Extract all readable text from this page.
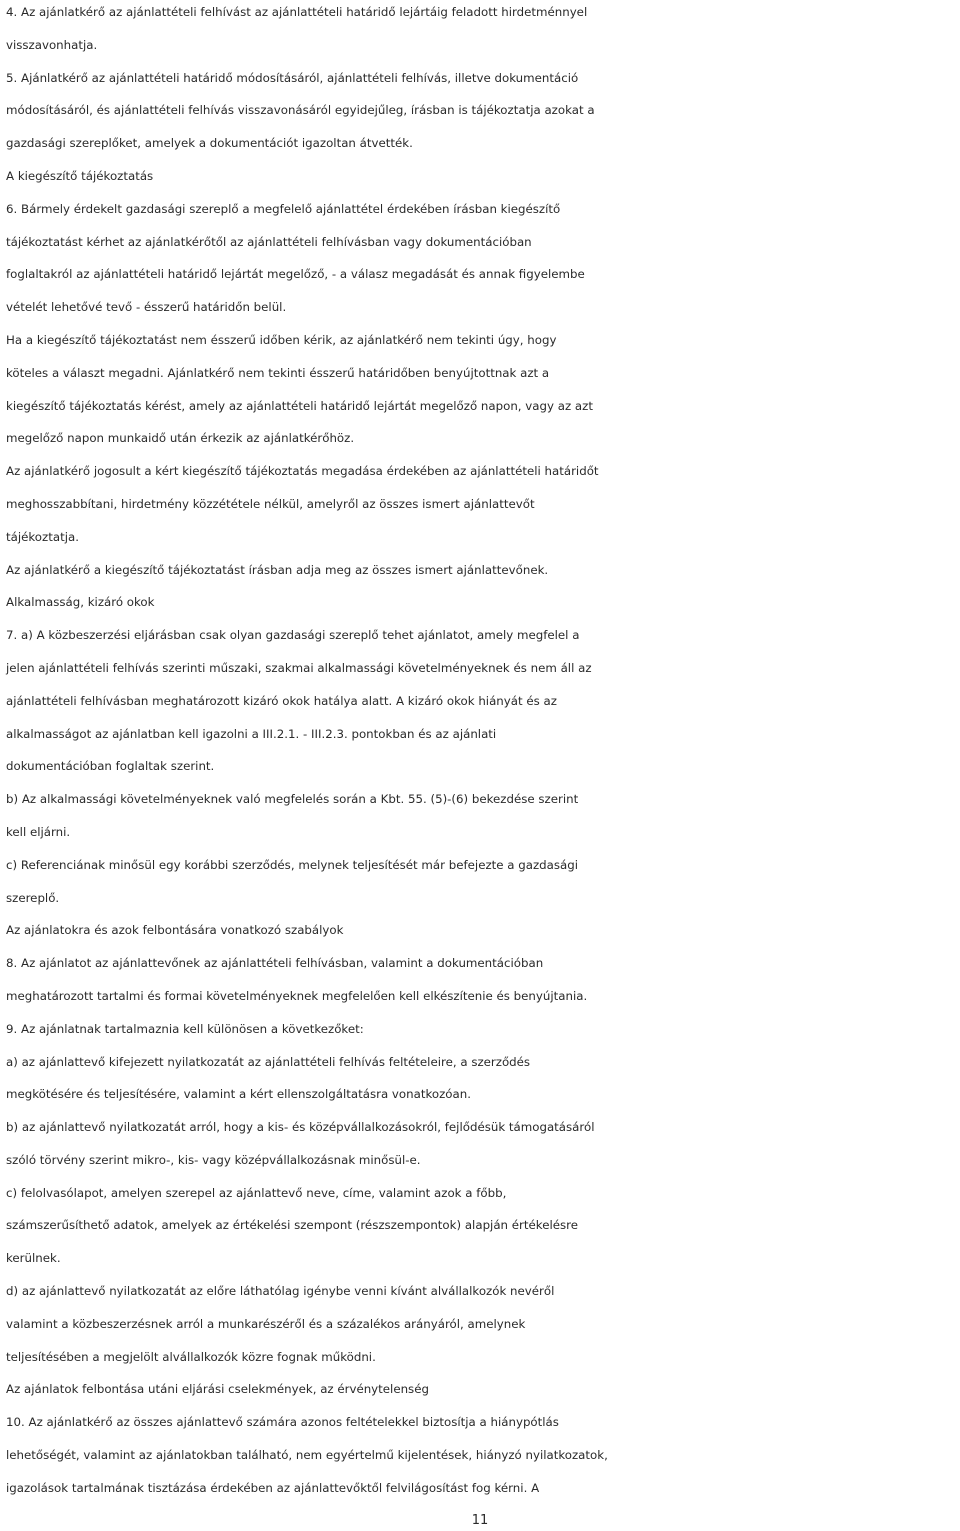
4. Az ajánlatkérő az ajánlattételi felhívást az ajánlattételi határidő lejártáig feladott hirdetménnyel
visszavonhatja.
5. Ajánlatkérő az ajánlattételi határidő módosításáról, ajánlattételi felhívás, illetve dokumentáció
módosításáról, és ajánlattételi felhívás visszavonásáról egyidejűleg, írásban is tájékoztatja azokat a
gazdasági szereplőket, amelyek a dokumentációt igazoltan átvették.
A kiegészítő tájékoztatás
6. Bármely érdekelt gazdasági szereplő a megfelelő ajánlattétel érdekében írásban kiegészítő
tájékoztatást kérhet az ajánlatkérőtől az ajánlattételi felhívásban vagy dokumentációban
foglaltakról az ajánlattételi határidő lejártát megelőző, - a válasz megadását és annak figyelembe
vételét lehetővé tevő - ésszerű határidőn belül.
Ha a kiegészítő tájékoztatást nem ésszerű időben kérik, az ajánlatkérő nem tekinti úgy, hogy
köteles a választ megadni. Ajánlatkérő nem tekinti ésszerű határidőben benyújtottnak azt a
kiegészítő tájékoztatás kérést, amely az ajánlattételi határidő lejártát megelőző napon, vagy az azt
megelőző napon munkaidő után érkezik az ajánlatkérőhöz.
Az ajánlatkérő jogosult a kért kiegészítő tájékoztatás megadása érdekében az ajánlattételi határidőt
meghosszabbítani, hirdetmény közzététele nélkül, amelyről az összes ismert ajánlattevőt
tájékoztatja.
Az ajánlatkérő a kiegészítő tájékoztatást írásban adja meg az összes ismert ajánlattevőnek.
Alkalmasság, kizáró okok
7. a) A közbeszerzési eljárásban csak olyan gazdasági szereplő tehet ajánlatot, amely megfelel a
jelen ajánlattételi felhívás szerinti műszaki, szakmai alkalmassági követelményeknek és nem áll az
ajánlattételi felhívásban meghatározott kizáró okok hatálya alatt. A kizáró okok hiányát és az
alkalmasságot az ajánlatban kell igazolni a III.2.1. - III.2.3. pontokban és az ajánlati
dokumentációban foglaltak szerint.
b) Az alkalmassági követelményeknek való megfelelés során a Kbt. 55. (5)-(6) bekezdése szerint
kell eljárni.
c) Referenciának minősül egy korábbi szerződés, melynek teljesítését már befejezte a gazdasági
szereplő.
Az ajánlatokra és azok felbontására vonatkozó szabályok
8. Az ajánlatot az ajánlattevőnek az ajánlattételi felhívásban, valamint a dokumentációban
meghatározott tartalmi és formai követelményeknek megfelelően kell elkészítenie és benyújtania.
9. Az ajánlatnak tartalmaznia kell különösen a következőket:
a) az ajánlattevő kifejezett nyilatkozatát az ajánlattételi felhívás feltételeire, a szerződés
megkötésére és teljesítésére, valamint a kért ellenszolgáltatásra vonatkozóan.
b) az ajánlattevő nyilatkozatát arról, hogy a kis- és középvállalkozásokról, fejlődésük támogatásáról
szóló törvény szerint mikro-, kis- vagy középvállalkozásnak minősül-e.
c) felolvasólapot, amelyen szerepel az ajánlattevő neve, címe, valamint azok a főbb,
számszerűsíthető adatok, amelyek az értékelési szempont (részszempontok) alapján értékelésre
kerülnek.
d) az ajánlattevő nyilatkozatát az előre láthatólag igénybe venni kívánt alvállalkozók nevéről
valamint a közbeszerzésnek arról a munkarészéről és a százalékos arányáról, amelynek
teljesítésében a megjelölt alvállalkozók közre fognak működni.
Az ajánlatok felbontása utáni eljárási cselekmények, az érvénytelenség
10. Az ajánlatkérő az összes ajánlattevő számára azonos feltételekkel biztosítja a hiánypótlás
lehetőségét, valamint az ajánlatokban található, nem egyértelmű kijelentések, hiányzó nyilatkozatok,
igazolások tartalmának tisztázása érdekében az ajánlattevőktől felvilágosítást fog kérni. A
11
